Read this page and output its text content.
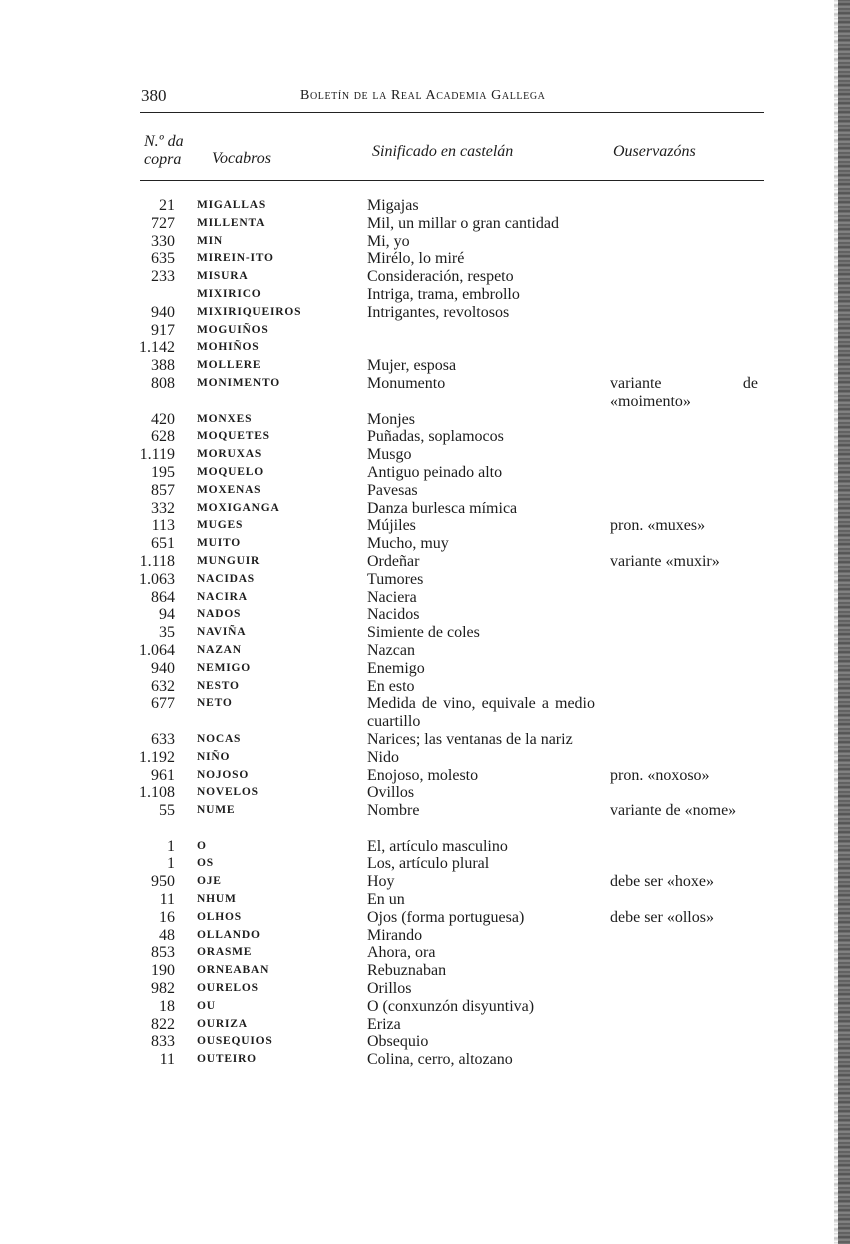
380	Boletín de la Real Academia Gallega
N.º da
copra Vocabros	Sinificado en castelán	Ouservazóns
21 MIGALLAS	Migajas
727 MILLENTA	Mil, un millar o gran cantidad
330 MIN	Mi, yo
635 MIREIN-ITO	Mirélo, lo miré
233 MISURA	Consideración, respeto
MIXIRICO	Intriga, trama, embrollo
940 MIXIRIQUEIROS	Intrigantes, revoltosos
917 MOGUIÑOS

1.142 MOHIÑOS

388 MOLLERE	Mujer, esposa
808 MONIMENTO	Monumento	variante de «moimento»
420 MONXES	Monjes
628 MOQUETES	Puñadas, soplamocos
1.119 MORUXAS	Musgo
195 MOQUELO	Antiguo peinado alto
857 MOXENAS	Pavesas
332 MOXIGANGA	Danza burlesca mímica
113 MUGES	Mújiles	pron. «muxes»
651 MUITO	Mucho, muy
1.118 MUNGUIR	Ordeñar	variante «muxir»
1.063 NACIDAS	Tumores
864 NACIRA	Naciera
94 NADOS	Nacidos
35 NAVIÑA	Simiente de coles
1.064 NAZAN	Nazcan
940 NEMIGO	Enemigo
632 NESTO	En esto
677 NETO	Medida de vino, equivale a medio cuartillo
633 NOCAS	Narices; las ventanas de la nariz
1.192 NIÑO	Nido
961 NOJOSO	Enojoso, molesto	pron. «noxoso»
1.108 NOVELOS	Ovillos
55 NUME	Nombre	variante de «nome»
1 O	El, artículo masculino
1 OS	Los, artículo plural
950 OJE	Hoy	debe ser «hoxe»
11 NHUM	En un
16 OLHOS	Ojos (forma portuguesa)	debe ser «ollos»
48 OLLANDO	Mirando
853 ORASME	Ahora, ora
190 ORNEABAN	Rebuznaban
982 OURELOS	Orillos
18 OU	O (conxunzón disyuntiva)
822 OURIZA	Eriza
833 OUSEQUIOS	Obsequio
11 OUTEIRO	Colina, cerro, altozano
